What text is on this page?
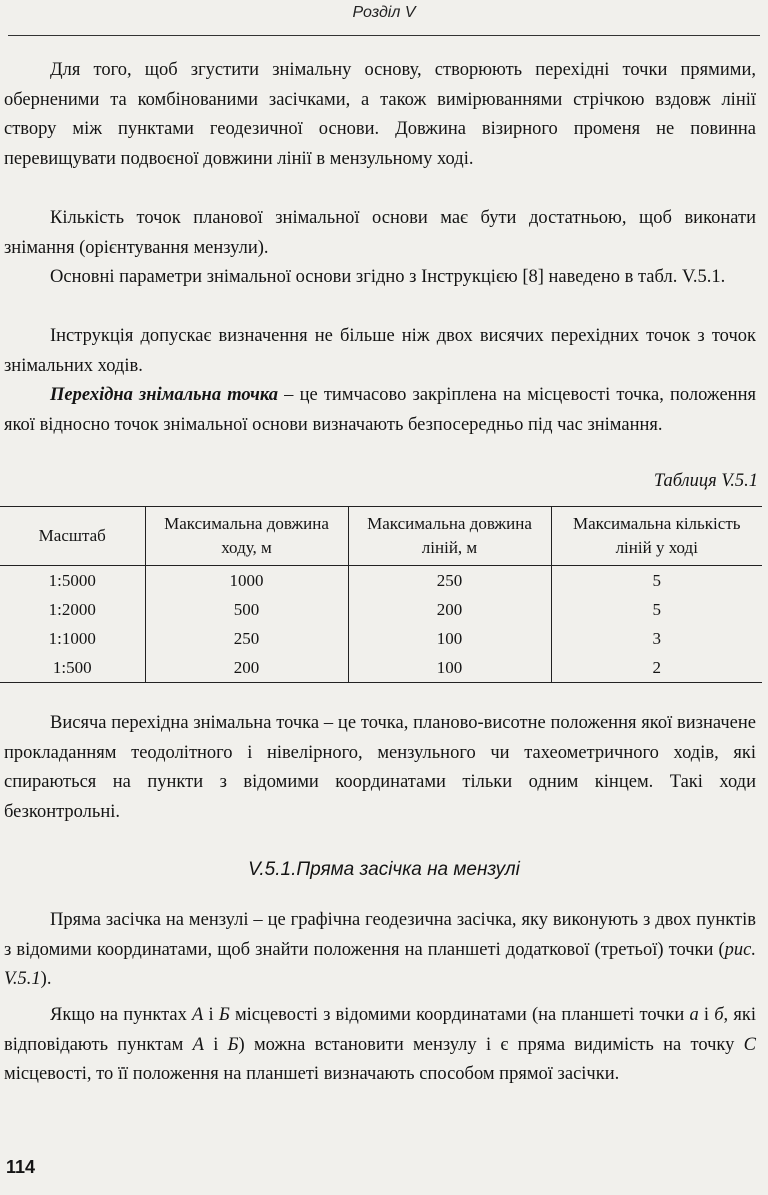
Розділ V

Для того, щоб згустити знімальну основу, створюють перехідні точки прямими, оберненими та комбінованими засічками, а також вимірюваннями стрічкою вздовж лінії створу між пунктами геодезичної основи. Довжина візирного променя не повинна перевищувати подвоєної довжини лінії в мензульному ході.

Кількість точок планової знімальної основи має бути достатньою, щоб виконати знімання (орієнтування мензули).

Основні параметри знімальної основи згідно з Інструкцією [8] наведено в табл. V.5.1.

Інструкція допускає визначення не більше ніж двох висячих перехідних точок з точок знімальних ходів.

Перехідна знімальна точка – це тимчасово закріплена на місцевості точка, положення якої відносно точок знімальної основи визначають безпосередньо під час знімання.

Таблиця V.5.1
Масштаб	Максимальна довжина ходу, м	Максимальна довжина ліній, м	Максимальна кількість ліній у ході
1:5000	1000	250	5
1:2000	500	200	5
1:1000	250	100	3
1:500	200	100	2

Висяча перехідна знімальна точка – це точка, планово-висотне положення якої визначене прокладанням теодолітного і нівелірного, мензульного чи тахеометричного ходів, які спираються на пункти з відомими координатами тільки одним кінцем. Такі ходи безконтрольні.

V.5.1.Пряма засічка на мензулі

Пряма засічка на мензулі – це графічна геодезична засічка, яку виконують з двох пунктів з відомими координатами, щоб знайти положення на планшеті додаткової (третьої) точки (рис. V.5.1).

Якщо на пунктах А і Б місцевості з відомими координатами (на планшеті точки а і б, які відповідають пунктам А і Б) можна встановити мензулу і є пряма видимість на точку С місцевості, то її положення на планшеті визначають способом прямої засічки.

114
